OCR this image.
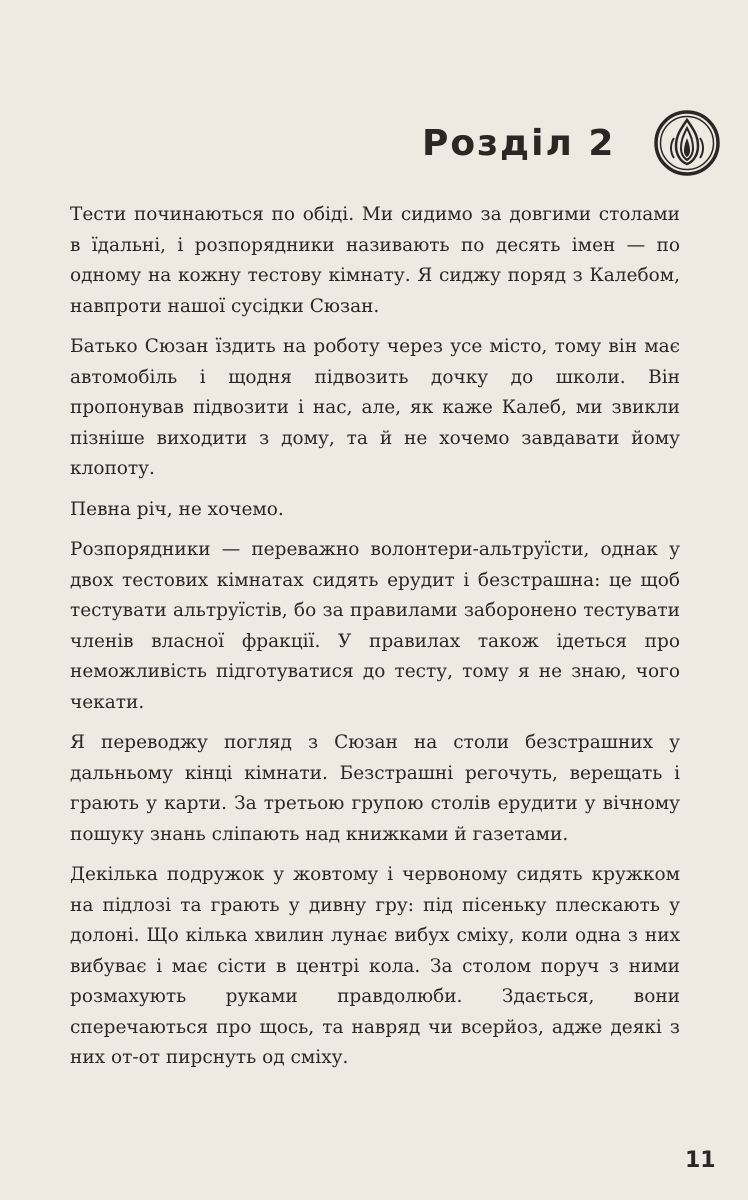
Розділ 2

Тести починаються по обіді. Ми сидимо за довгими столами в їдальні, і розпорядники називають по десять імен — по одному на кожну тестову кімнату. Я сиджу поряд з Калебом, навпроти нашої сусідки Сюзан.

Батько Сюзан їздить на роботу через усе місто, тому він має автомобіль і щодня підвозить дочку до школи. Він пропонував підвозити і нас, але, як каже Калеб, ми звикли пізніше виходити з дому, та й не хочемо завдавати йому клопоту.

Певна річ, не хочемо.

Розпорядники — переважно волонтери-альтруїсти, однак у двох тестових кімнатах сидять ерудит і безстрашна: це щоб тестувати альтруїстів, бо за правилами заборонено тестувати членів власної фракції. У правилах також ідеться про неможливість підготуватися до тесту, тому я не знаю, чого чекати.

Я переводжу погляд з Сюзан на столи безстрашних у дальньому кінці кімнати. Безстрашні регочуть, верещать і грають у карти. За третьою групою столів ерудити у вічному пошуку знань сліпають над книжками й газетами.

Декілька подружок у жовтому і червоному сидять кружком на підлозі та грають у дивну гру: під пісеньку плескають у долоні. Що кілька хвилин лунає вибух сміху, коли одна з них вибуває і має сісти в центрі кола. За столом поруч з ними розмахують руками правдолюби. Здається, вони сперечаються про щось, та навряд чи всерйоз, адже деякі з них от-от пирснуть од сміху.

11
